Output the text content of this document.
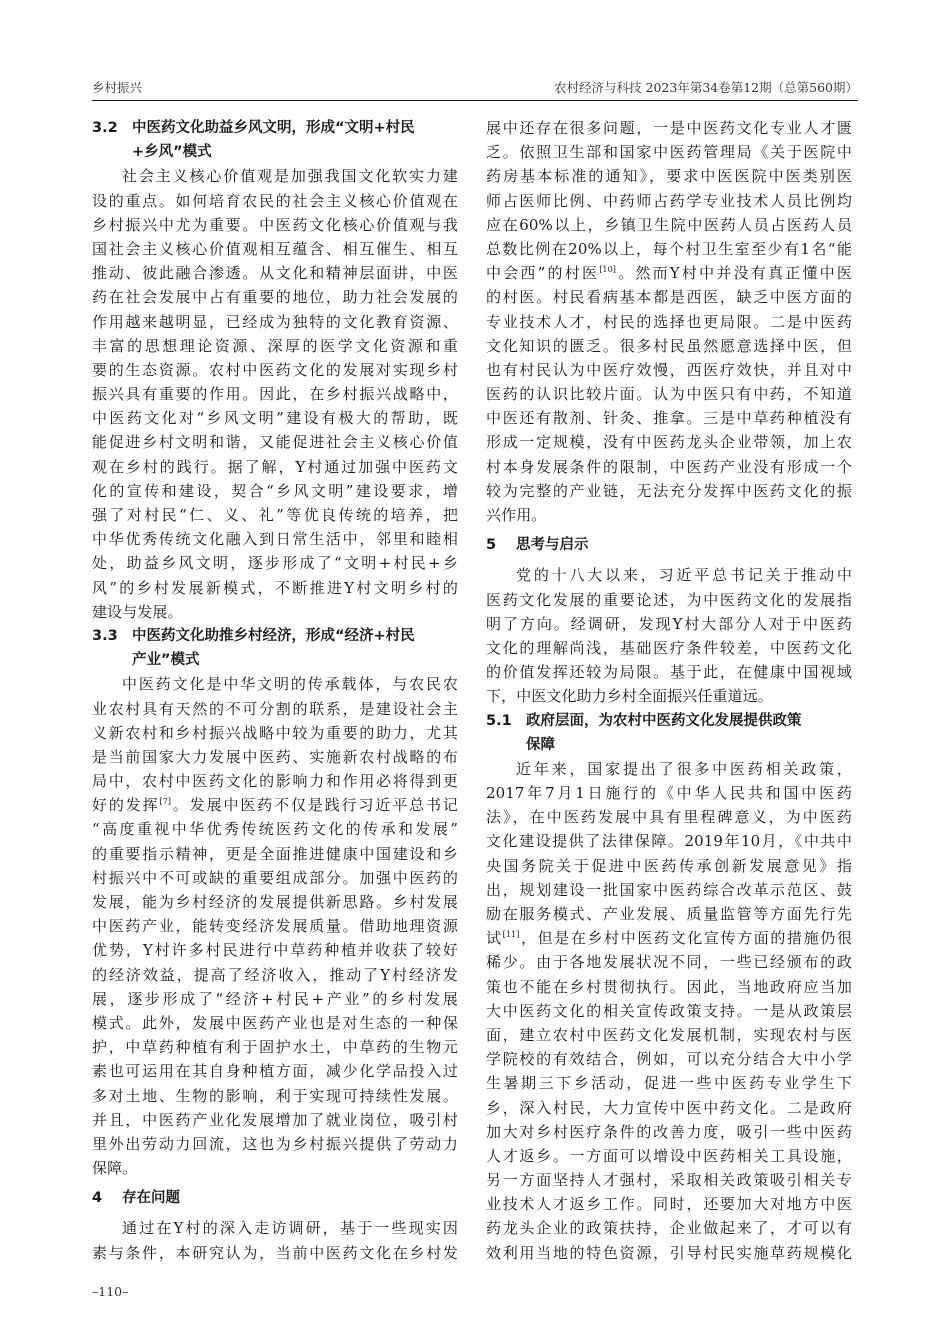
乡村振兴	农村经济与科技 2023年第34卷第12期（总第560期）
3.2 中医药文化助益乡风文明，形成“文明+村民
+乡风”模式
社会主义核心价值观是加强我国文化软实力建
设的重点。如何培育农民的社会主义核心价值观在
乡村振兴中尤为重要。中医药文化核心价值观与我
国社会主义核心价值观相互蕴含、相互催生、相互
推动、彼此融合渗透。从文化和精神层面讲，中医
药在社会发展中占有重要的地位，助力社会发展的
作用越来越明显，已经成为独特的文化教育资源、
丰富的思想理论资源、深厚的医学文化资源和重
要的生态资源。农村中医药文化的发展对实现乡村
振兴具有重要的作用。因此，在乡村振兴战略中，
中医药文化对“乡风文明”建设有极大的帮助，既
能促进乡村文明和谐，又能促进社会主义核心价值
观在乡村的践行。据了解，Y村通过加强中医药文
化的宣传和建设，契合“乡风文明”建设要求，增
强了对村民“仁、义、礼”等优良传统的培养，把
中华优秀传统文化融入到日常生活中，邻里和睦相
处，助益乡风文明，逐步形成了“文明+村民+乡
风”的乡村发展新模式，不断推进Y村文明乡村的
建设与发展。
3.3 中医药文化助推乡村经济，形成“经济+村民
产业”模式
中医药文化是中华文明的传承载体，与农民农
业农村具有天然的不可分割的联系，是建设社会主
义新农村和乡村振兴战略中较为重要的助力，尤其
是当前国家大力发展中医药、实施新农村战略的布
局中，农村中医药文化的影响力和作用必将得到更
好的发挥[7]。发展中医药不仅是践行习近平总书记
“高度重视中华优秀传统医药文化的传承和发展”
的重要指示精神，更是全面推进健康中国建设和乡
村振兴中不可或缺的重要组成部分。加强中医药的
发展，能为乡村经济的发展提供新思路。乡村发展
中医药产业，能转变经济发展质量。借助地理资源
优势，Y村许多村民进行中草药种植并收获了较好
的经济效益，提高了经济收入，推动了Y村经济发
展，逐步形成了“经济+村民+产业”的乡村发展
模式。此外，发展中医药产业也是对生态的一种保
护，中草药种植有利于固护水土，中草药的生物元
素也可运用在其自身种植方面，减少化学品投入过
多对土地、生物的影响，利于实现可持续性发展。
并且，中医药产业化发展增加了就业岗位，吸引村
里外出劳动力回流，这也为乡村振兴提供了劳动力
保障。
4 存在问题
通过在Y村的深入走访调研，基于一些现实因
素与条件，本研究认为，当前中医药文化在乡村发
展中还存在很多问题，一是中医药文化专业人才匮
乏。依照卫生部和国家中医药管理局《关于医院中
药房基本标准的通知》，要求中医医院中医类别医
师占医师比例、中药师占药学专业技术人员比例均
应在60%以上，乡镇卫生院中医药人员占医药人员
总数比例在20%以上，每个村卫生室至少有1名“能
中会西”的村医[10]。然而Y村中并没有真正懂中医
的村医。村民看病基本都是西医，缺乏中医方面的
专业技术人才，村民的选择也更局限。二是中医药
文化知识的匮乏。很多村民虽然愿意选择中医，但
也有村民认为中医疗效慢，西医疗效快，并且对中
医药的认识比较片面。认为中医只有中药，不知道
中医还有散剂、针灸、推拿。三是中草药种植没有
形成一定规模，没有中医药龙头企业带领，加上农
村本身发展条件的限制，中医药产业没有形成一个
较为完整的产业链，无法充分发挥中医药文化的振
兴作用。
5 思考与启示
党的十八大以来，习近平总书记关于推动中
医药文化发展的重要论述，为中医药文化的发展指
明了方向。经调研，发现Y村大部分人对于中医药
文化的理解尚浅，基础医疗条件较差，中医药文化
的价值发挥还较为局限。基于此，在健康中国视域
下，中医文化助力乡村全面振兴任重道远。
5.1 政府层面，为农村中医药文化发展提供政策
保障
近年来，国家提出了很多中医药相关政策，
2017年7月1日施行的《中华人民共和国中医药
法》，在中医药发展中具有里程碑意义，为中医药
文化建设提供了法律保障。2019年10月，《中共中
央国务院关于促进中医药传承创新发展意见》指
出，规划建设一批国家中医药综合改革示范区、鼓
励在服务模式、产业发展、质量监管等方面先行先
试[11]，但是在乡村中医药文化宣传方面的措施仍很
稀少。由于各地发展状况不同，一些已经颁布的政
策也不能在乡村贯彻执行。因此，当地政府应当加
大中医药文化的相关宣传政策支持。一是从政策层
面，建立农村中医药文化发展机制，实现农村与医
学院校的有效结合，例如，可以充分结合大中小学
生暑期三下乡活动，促进一些中医药专业学生下
乡，深入村民，大力宣传中医中药文化。二是政府
加大对乡村医疗条件的改善力度，吸引一些中医药
人才返乡。一方面可以增设中医药相关工具设施，
另一方面坚持人才强村，采取相关政策吸引相关专
业技术人才返乡工作。同时，还要加大对地方中医
药龙头企业的政策扶持，企业做起来了，才可以有
效利用当地的特色资源，引导村民实施草药规模化
–110–
